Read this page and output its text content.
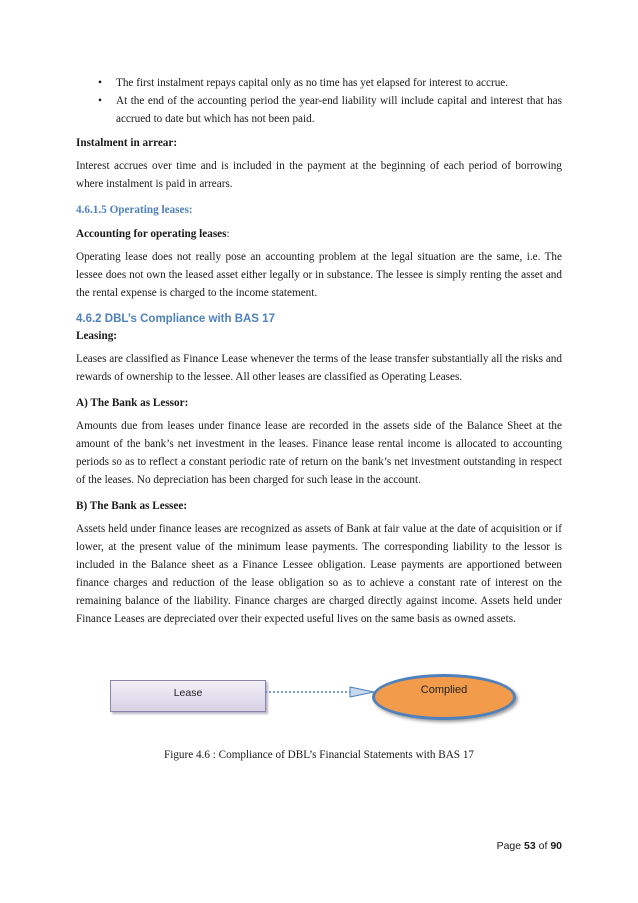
• The first instalment repays capital only as no time has yet elapsed for interest to accrue.
• At the end of the accounting period the year-end liability will include capital and interest that has accrued to date but which has not been paid.

Instalment in arrear:

Interest accrues over time and is included in the payment at the beginning of each period of borrowing where instalment is paid in arrears.

4.6.1.5 Operating leases:

Accounting for operating leases:

Operating lease does not really pose an accounting problem at the legal situation are the same, i.e. The lessee does not own the leased asset either legally or in substance. The lessee is simply renting the asset and the rental expense is charged to the income statement.

4.6.2 DBL’s Compliance with BAS 17

Leasing:

Leases are classified as Finance Lease whenever the terms of the lease transfer substantially all the risks and rewards of ownership to the lessee. All other leases are classified as Operating Leases.

A) The Bank as Lessor:

Amounts due from leases under finance lease are recorded in the assets side of the Balance Sheet at the amount of the bank’s net investment in the leases. Finance lease rental income is allocated to accounting periods so as to reflect a constant periodic rate of return on the bank’s net investment outstanding in respect of the leases. No depreciation has been charged for such lease in the account.

B) The Bank as Lessee:

Assets held under finance leases are recognized as assets of Bank at fair value at the date of acquisition or if lower, at the present value of the minimum lease payments. The corresponding liability to the lessor is included in the Balance sheet as a Finance Lessee obligation. Lease payments are apportioned between finance charges and reduction of the lease obligation so as to achieve a constant rate of interest on the remaining balance of the liability. Finance charges are charged directly against income. Assets held under Finance Leases are depreciated over their expected useful lives on the same basis as owned assets.

Lease	Complied

Figure 4.6 : Compliance of DBL’s Financial Statements with BAS 17

Page 53 of 90
